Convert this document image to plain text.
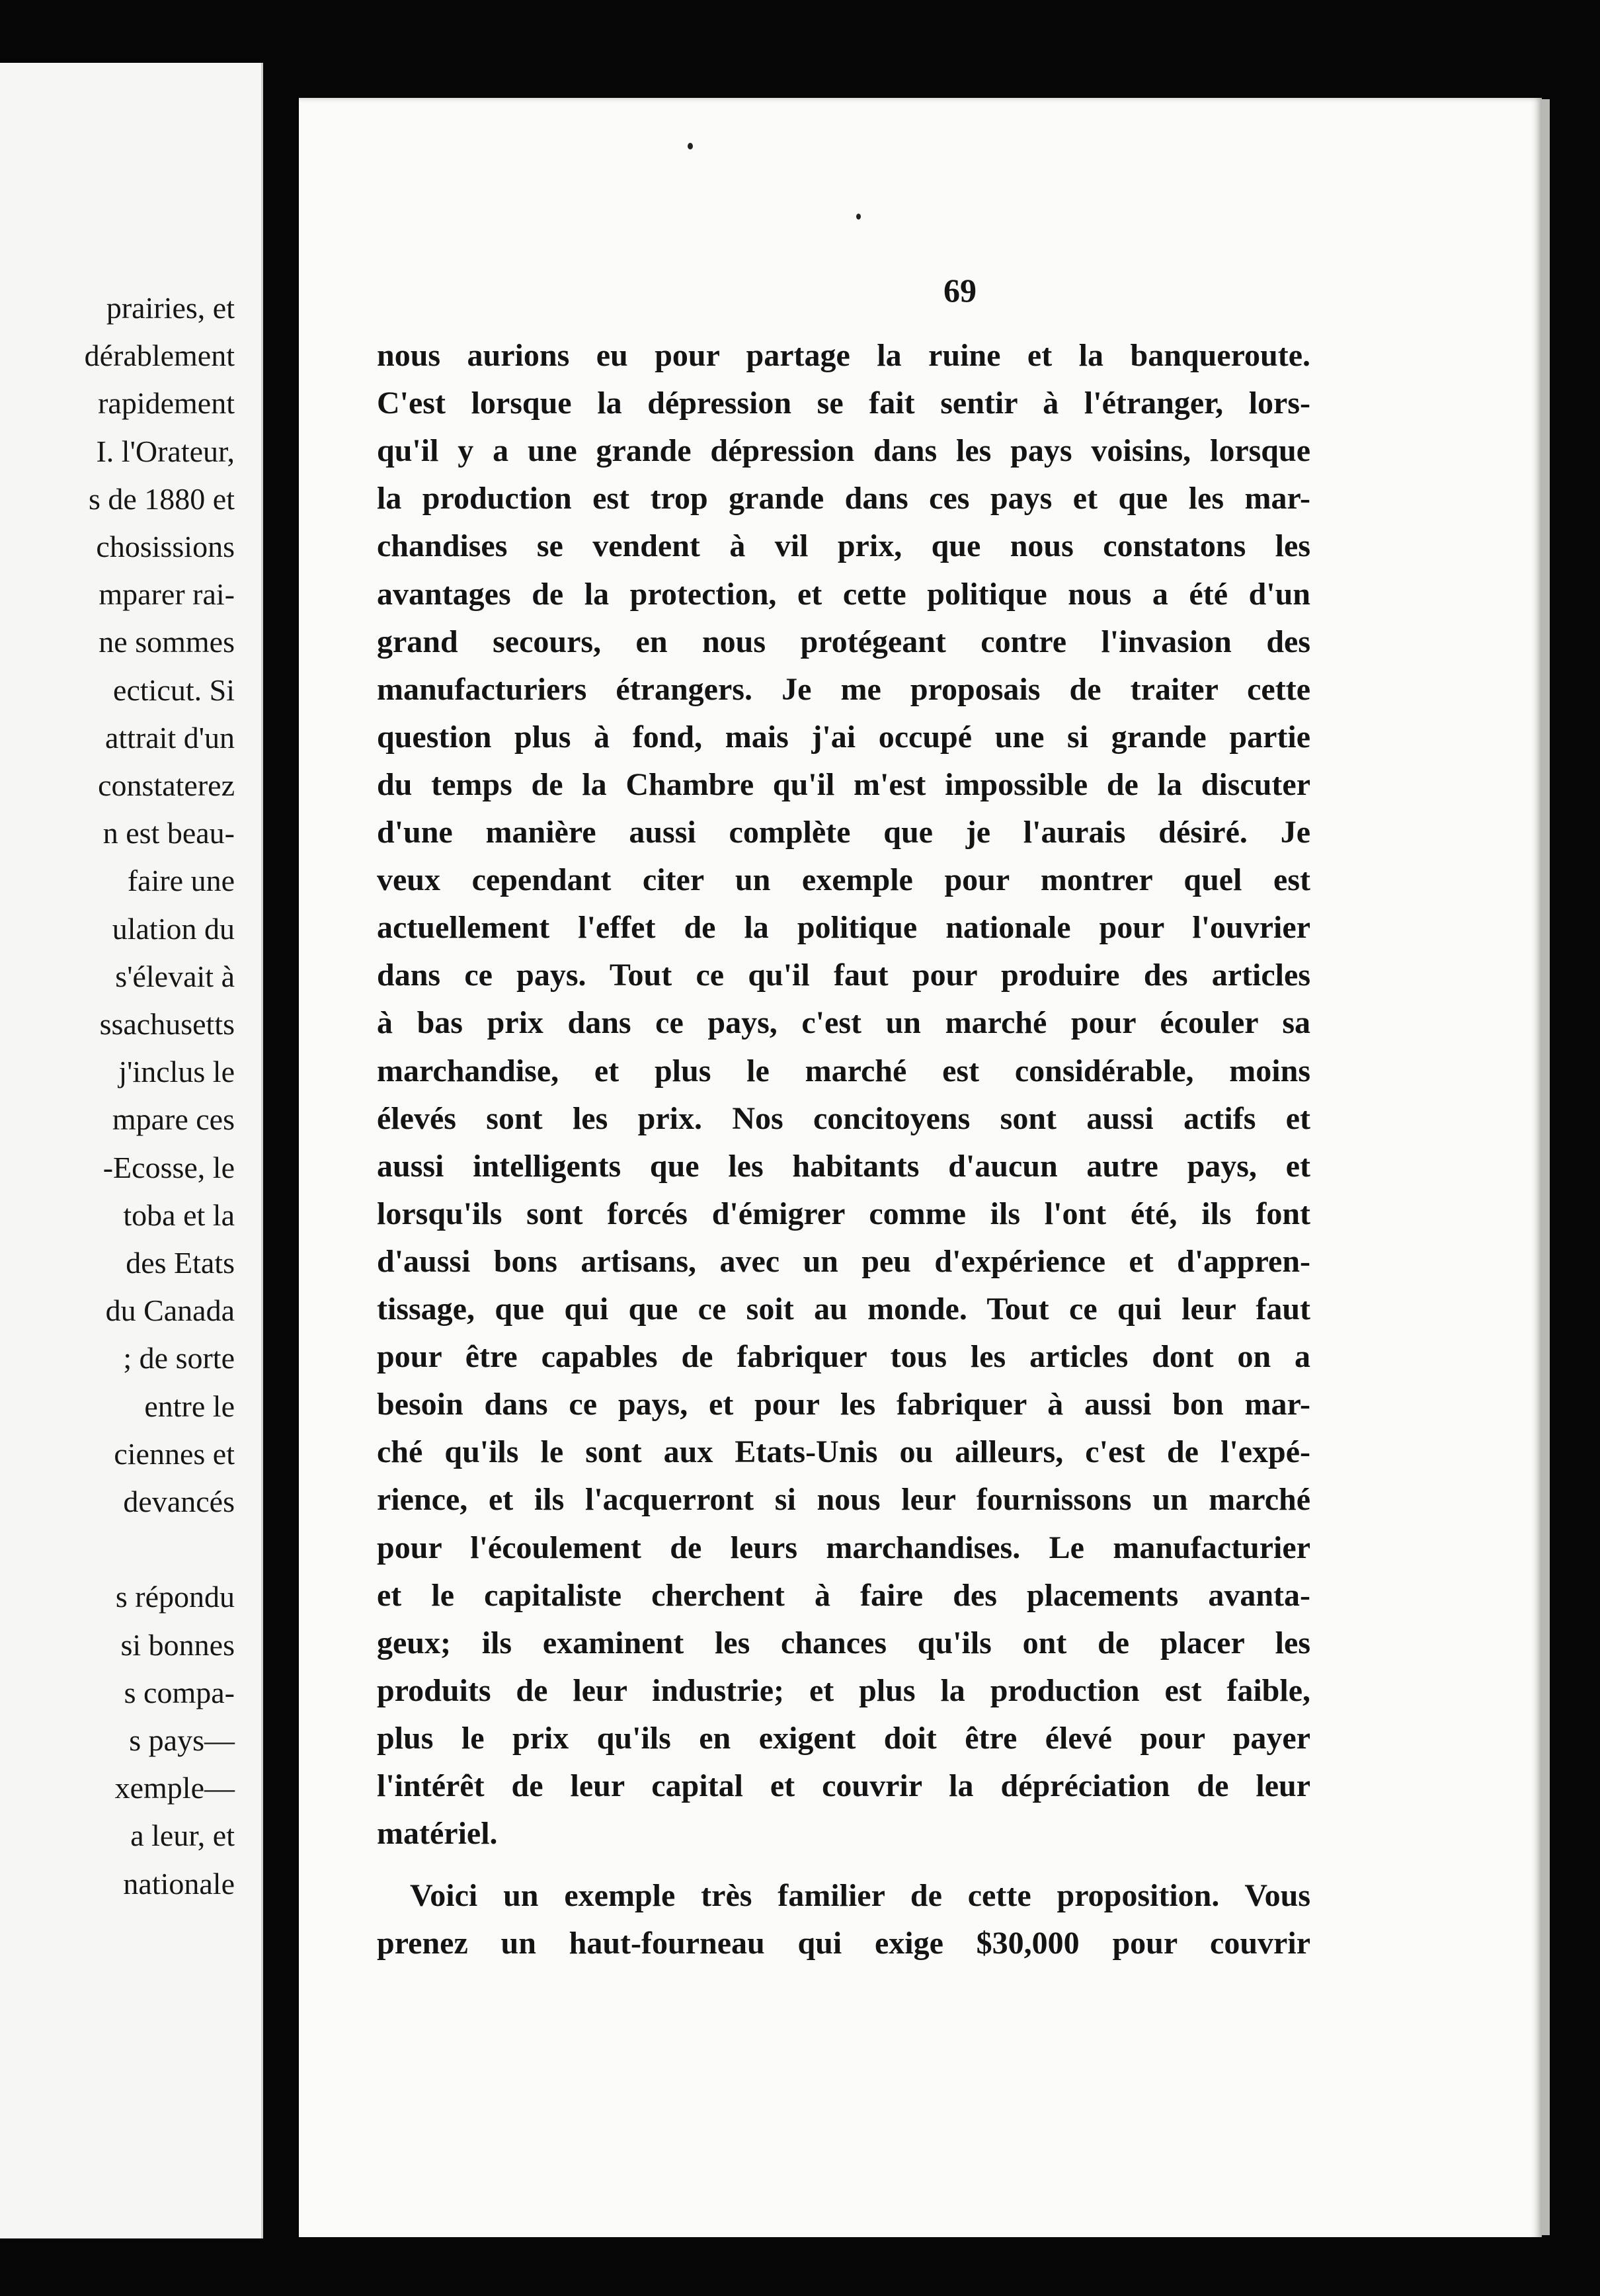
prairies, et
dérablement
rapidement
I. l'Orateur,
s de 1880 et
chosissions
mparer rai-
ne sommes
ecticut. Si
attrait d'un
constaterez
n est beau-
faire une
ulation du
s'élevait à
ssachusetts
j'inclus le
mpare ces
-Ecosse, le
toba et la
des Etats
du Canada
; de sorte
entre le
ciennes et
devancés
s répondu
si bonnes
s compa-
s pays—
xemple—
a leur, et
nationale
69
nous aurions eu pour partage la ruine et la banqueroute.
C'est lorsque la dépression se fait sentir à l'étranger, lors-
qu'il y a une grande dépression dans les pays voisins, lorsque
la production est trop grande dans ces pays et que les mar-
chandises se vendent à vil prix, que nous constatons les
avantages de la protection, et cette politique nous a été d'un
grand secours, en nous protégeant contre l'invasion des
manufacturiers étrangers. Je me proposais de traiter cette
question plus à fond, mais j'ai occupé une si grande partie
du temps de la Chambre qu'il m'est impossible de la discuter
d'une manière aussi complète que je l'aurais désiré. Je
veux cependant citer un exemple pour montrer quel est
actuellement l'effet de la politique nationale pour l'ouvrier
dans ce pays. Tout ce qu'il faut pour produire des articles
à bas prix dans ce pays, c'est un marché pour écouler sa
marchandise, et plus le marché est considérable, moins
élevés sont les prix. Nos concitoyens sont aussi actifs et
aussi intelligents que les habitants d'aucun autre pays, et
lorsqu'ils sont forcés d'émigrer comme ils l'ont été, ils font
d'aussi bons artisans, avec un peu d'expérience et d'appren-
tissage, que qui que ce soit au monde. Tout ce qui leur faut
pour être capables de fabriquer tous les articles dont on a
besoin dans ce pays, et pour les fabriquer à aussi bon mar-
ché qu'ils le sont aux Etats-Unis ou ailleurs, c'est de l'expé-
rience, et ils l'acquerront si nous leur fournissons un marché
pour l'écoulement de leurs marchandises. Le manufacturier
et le capitaliste cherchent à faire des placements avanta-
geux; ils examinent les chances qu'ils ont de placer les
produits de leur industrie; et plus la production est faible,
plus le prix qu'ils en exigent doit être élevé pour payer
l'intérêt de leur capital et couvrir la dépréciation de leur
matériel.
Voici un exemple très familier de cette proposition. Vous
prenez un haut-fourneau qui exige $30,000 pour couvrir
